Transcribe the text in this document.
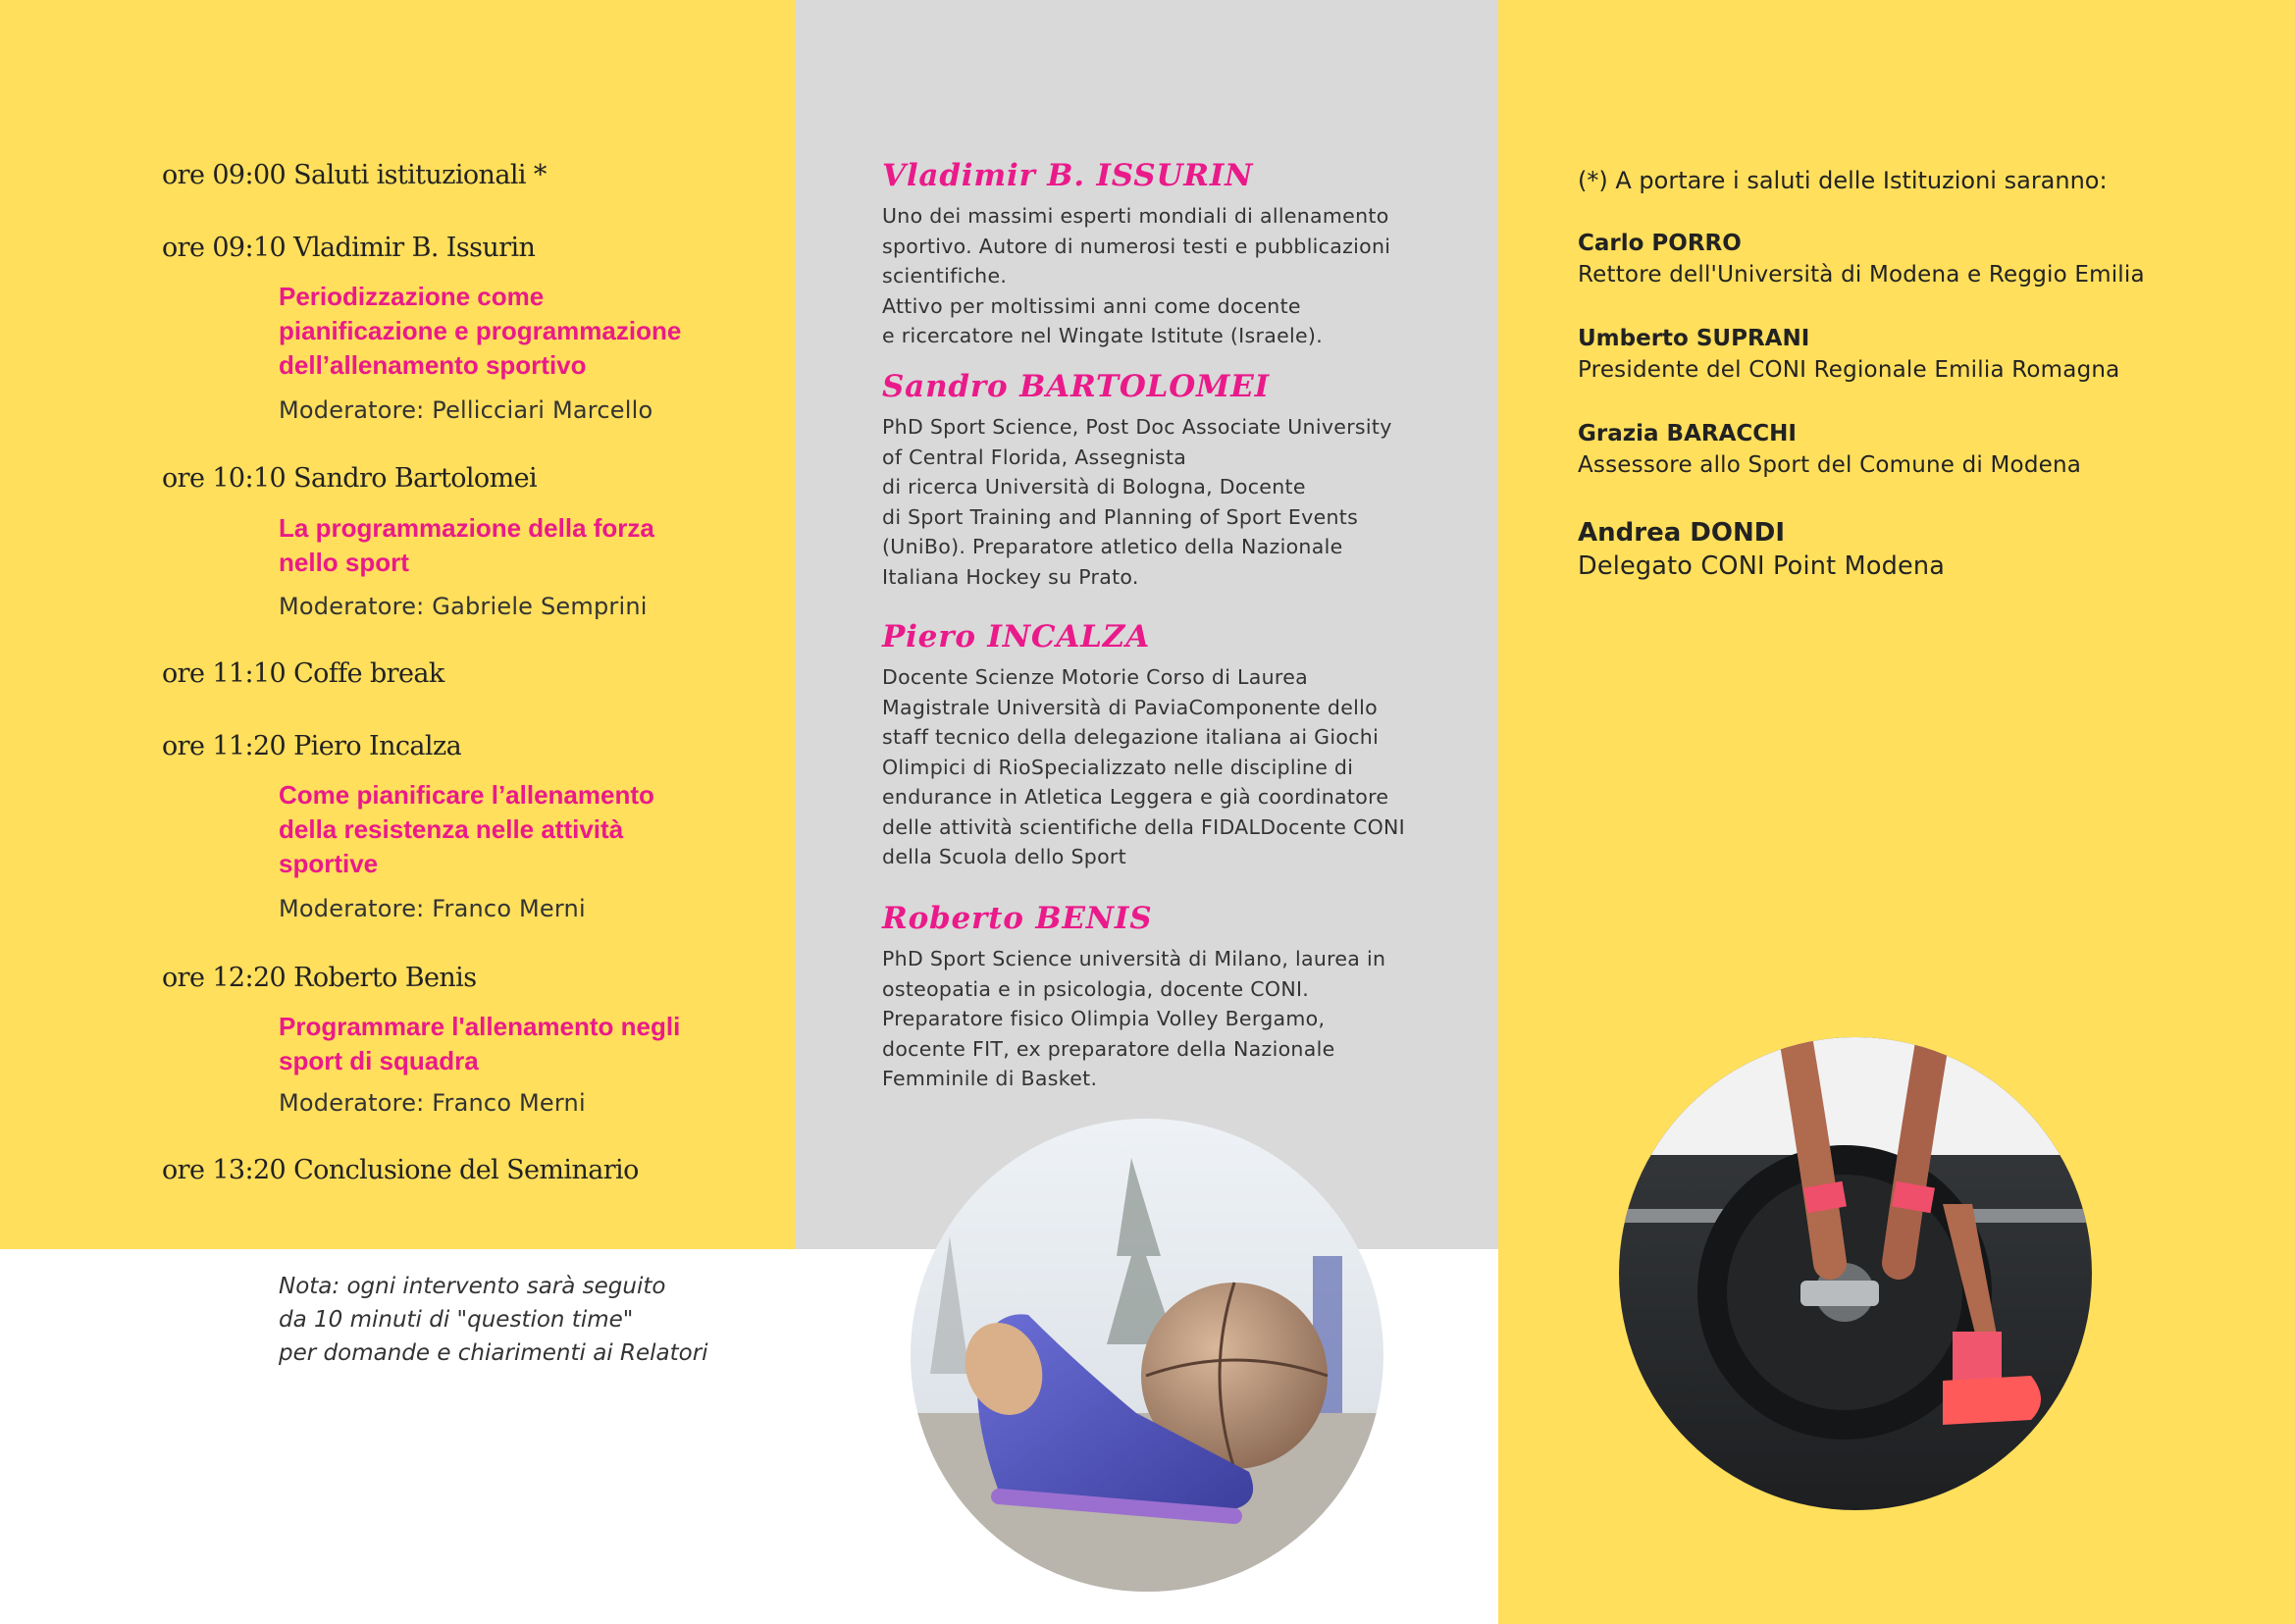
ore 09:00 Saluti istituzionali *
ore 09:10 Vladimir B. Issurin
Periodizzazione come pianificazione e programmazione dell’allenamento sportivo
Moderatore: Pellicciari Marcello
ore 10:10 Sandro Bartolomei
La programmazione della forza nello sport
Moderatore: Gabriele Semprini
ore 11:10 Coffe break
ore 11:20 Piero Incalza
Come pianificare l’allenamento della resistenza nelle attività sportive
Moderatore: Franco Merni
ore 12:20 Roberto Benis
Programmare l'allenamento negli sport di squadra
Moderatore: Franco Merni
ore 13:20 Conclusione del Seminario
Nota: ogni intervento sarà seguito
da 10 minuti di "question time"
per domande e chiarimenti ai Relatori
Vladimir B. ISSURIN
Uno dei massimi esperti mondiali di allenamento
sportivo. Autore di numerosi testi e pubblicazioni
scientifiche.
Attivo per moltissimi anni come docente
e ricercatore nel Wingate Istitute (Israele).
Sandro BARTOLOMEI
PhD Sport Science, Post Doc Associate University
of Central Florida, Assegnista
di ricerca Università di Bologna, Docente
di Sport Training and Planning of Sport Events
(UniBo). Preparatore atletico della Nazionale
Italiana Hockey su Prato.
Piero INCALZA
Docente Scienze Motorie Corso di Laurea
Magistrale Università di PaviaComponente dello
staff tecnico della delegazione italiana ai Giochi
Olimpici di RioSpecializzato nelle discipline di
endurance in Atletica Leggera e già coordinatore
delle attività scientifiche della FIDALDocente CONI
della Scuola dello Sport
Roberto BENIS
PhD Sport Science università di Milano, laurea in
osteopatia e in psicologia, docente CONI.
Preparatore fisico Olimpia Volley Bergamo,
docente FIT, ex preparatore della Nazionale
Femminile di Basket.
(*) A portare i saluti delle Istituzioni saranno:
Carlo PORRO
Rettore dell'Università di Modena e Reggio Emilia
Umberto SUPRANI
Presidente del CONI Regionale Emilia Romagna
Grazia BARACCHI
Assessore allo Sport del Comune di Modena
Andrea DONDI
Delegato CONI Point Modena
